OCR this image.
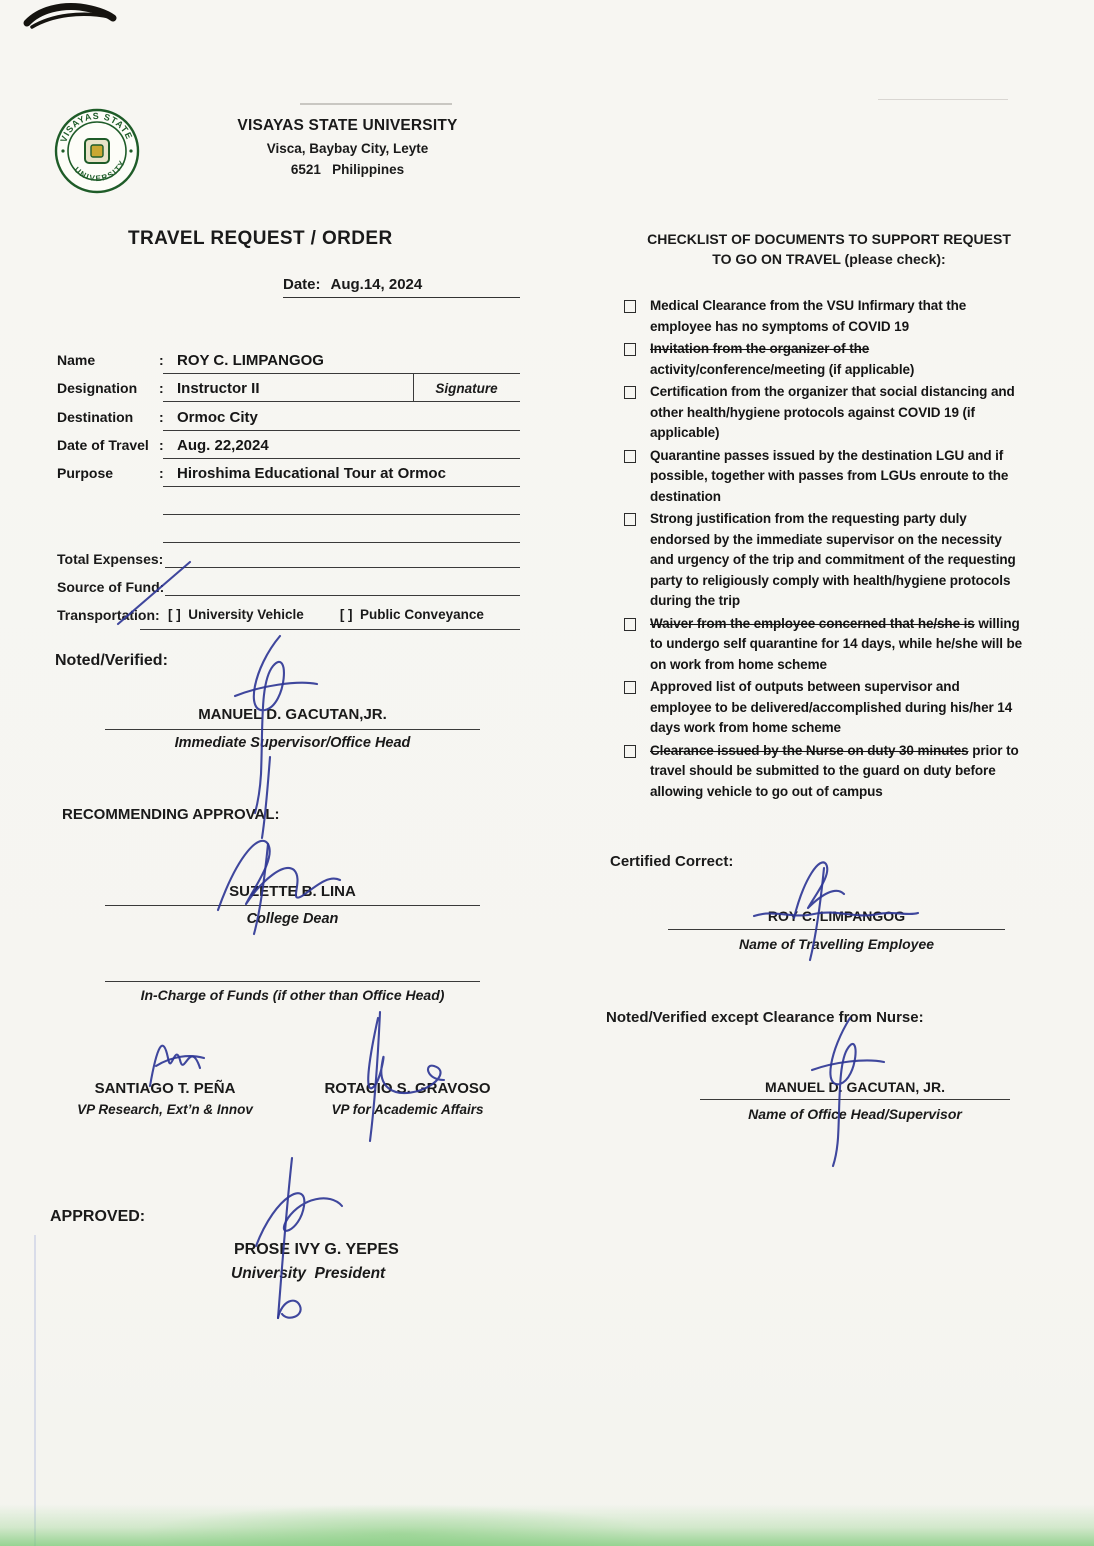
VISAYAS STATE
UNIVERSITY
VISAYAS STATE UNIVERSITY
Visca, Baybay City, Leyte
6521   Philippines
TRAVEL REQUEST / ORDER
Date: Aug.14, 2024
Name	: ROY C. LIMPANGOG
Designation	: Instructor II
Destination	: Ormoc City
Date of Travel : Aug. 22,2024
Purpose	: Hiroshima Educational Tour at Ormoc
Signature
Total Expenses:
Source of Fund:
Transportation: [ ]  University Vehicle	[ ]  Public Conveyance
Noted/Verified:
MANUEL D. GACUTAN,JR.
Immediate Supervisor/Office Head
RECOMMENDING APPROVAL:
SUZETTE B. LINA
College Dean
In-Charge of Funds (if other than Office Head)
SANTIAGO T. PEÑA
VP Research, Ext’n & Innov
ROTACIO S. GRAVOSO
VP for Academic Affairs
APPROVED:
PROSE IVY G. YEPES
University  President
CHECKLIST OF DOCUMENTS TO SUPPORT REQUEST
TO GO ON TRAVEL (please check):
Medical Clearance from the VSU Infirmary that the employee has no symptoms of COVID 19
Invitation from the organizer of the activity/conference/meeting (if applicable)
Certification from the organizer that social distancing and other health/hygiene protocols against COVID 19 (if applicable)
Quarantine passes issued by the destination LGU and if possible, together with passes from LGUs enroute to the destination
Strong justification from the requesting party duly endorsed by the immediate supervisor on the necessity and urgency of the trip and commitment of the requesting party to religiously comply with health/hygiene protocols during the trip
Waiver from the employee concerned that he/she is willing to undergo self quarantine for 14 days, while he/she will be on work from home scheme
Approved list of outputs between supervisor and employee to be delivered/accomplished during his/her 14 days work from home scheme
Clearance issued by the Nurse on duty 30 minutes prior to travel should be submitted to the guard on duty before allowing vehicle to go out of campus
Certified Correct:
ROY C. LIMPANGOG
Name of Travelling Employee
Noted/Verified except Clearance from Nurse:
MANUEL D. GACUTAN, JR.
Name of Office Head/Supervisor
